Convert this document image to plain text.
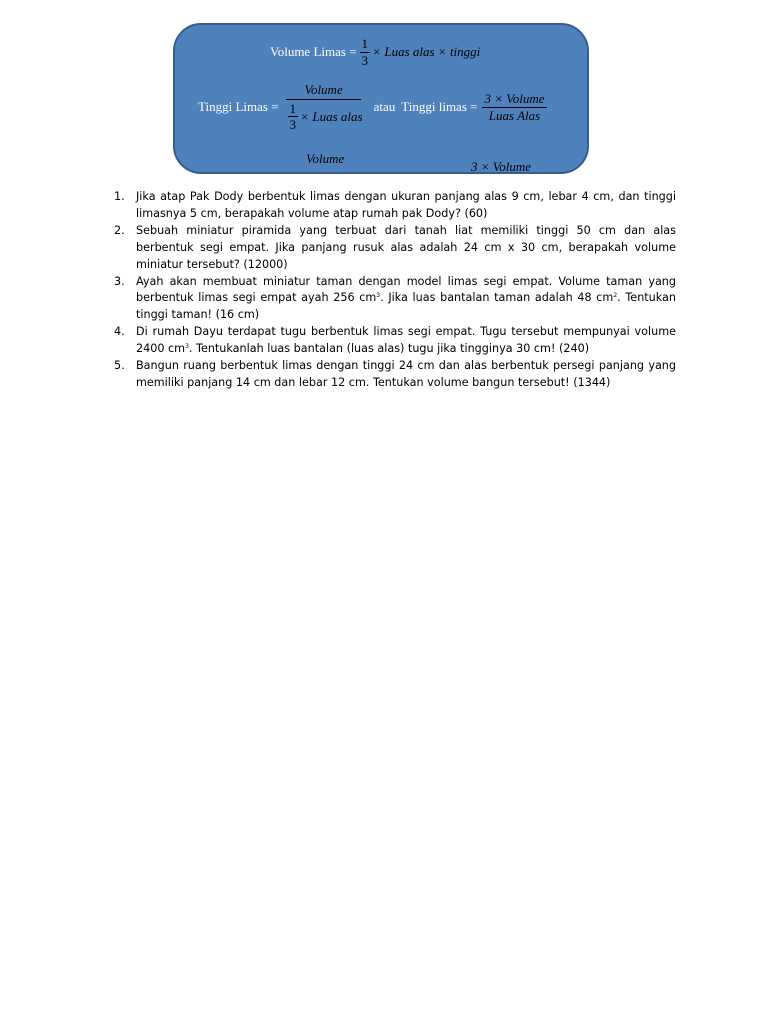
Volume Limas = $\frac{1}{3}$ × Luas alas × tinggi
Tinggi Limas = $\frac{\text{Volume}}{\frac{1}{3} \times Luas alas}$ atau Tinggi limas = $\frac{\text{3 × Volume}}{\text{Luas Alas}}$
Volume
3 × Volume
1. Jika atap Pak Dody berbentuk limas dengan ukuran panjang alas 9 cm, lebar 4 cm, dan tinggi limasnya 5 cm, berapakah volume atap rumah pak Dody? (60)
2. Sebuah miniatur piramida yang terbuat dari tanah liat memiliki tinggi 50 cm dan alas berbentuk segi empat. Jika panjang rusuk alas adalah 24 cm x 30 cm, berapakah volume miniatur tersebut? (12000)
3. Ayah akan membuat miniatur taman dengan model limas segi empat. Volume taman yang berbentuk limas segi empat ayah 256 $cm^3$. Jika luas bantalan taman adalah 48 $cm^2$. Tentukan tinggi taman! (16 cm)
4. Di rumah Dayu terdapat tugu berbentuk limas segi empat. Tugu tersebut mempunyai volume 2400 $cm^3$. Tentukanlah luas bantalan (luas alas) tugu jika tingginya 30 cm! (240)
5. Bangun ruang berbentuk limas dengan tinggi 24 cm dan alas berbentuk persegi panjang yang memiliki panjang 14 cm dan lebar 12 cm. Tentukan volume bangun tersebut! (1344)
